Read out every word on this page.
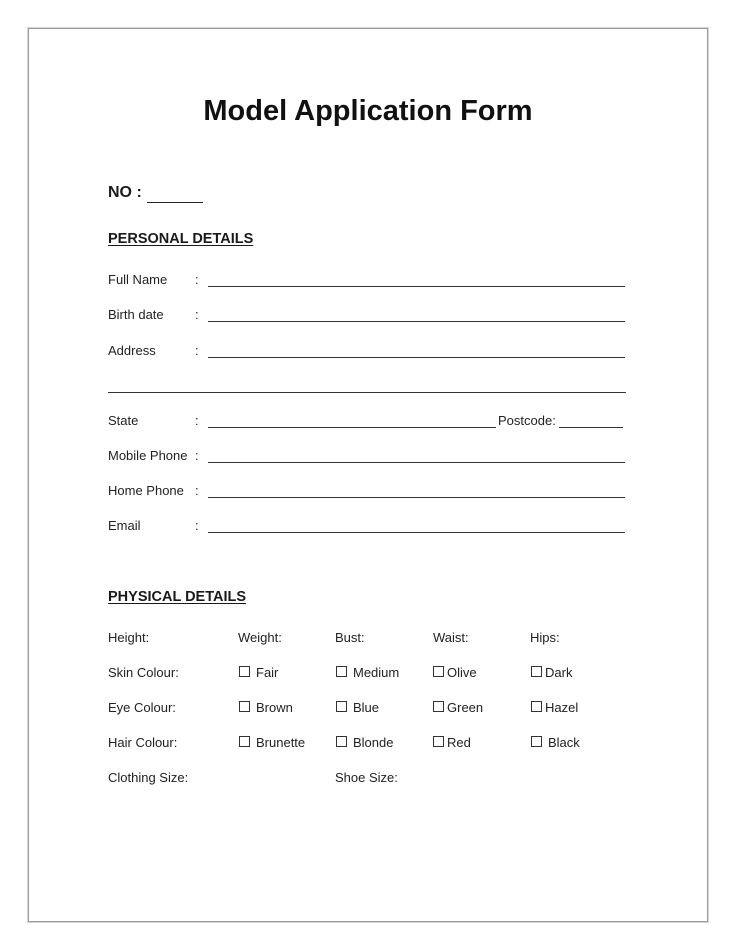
Model Application Form
NO :
PERSONAL DETAILS
Full Name :
Birth date :
Address	:
State	:	Postcode:
Mobile Phone :
Home Phone :
Email	:
PHYSICAL DETAILS
Height:	Weight:	Bust:	Waist:	Hips:
Skin Colour:	Fair	Medium	Olive	Dark
Eye Colour:	Brown	Blue	Green	Hazel
Hair Colour:	Brunette	Blonde	Red	Black
Clothing Size:	Shoe Size:
